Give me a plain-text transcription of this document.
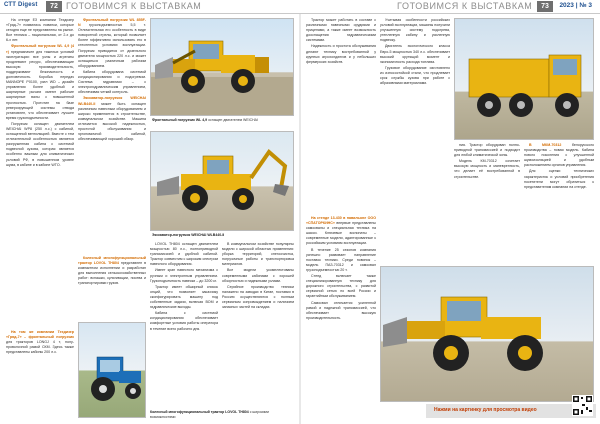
СТТ Digest	72 ГОТОВИМСЯ К ВЫСТАВКАМ	ГОТОВИМСЯ К ВЫСТАВКАМ	73	2023 | № 3

На стенде ЕЗ компании Техдизер «Гряд-7» появились новинки, которые сегодня еще не представлены на рынке. Все техника – национальная, от 2-х до 6-х лет.

Фронтальный погрузчик WL 4,9 (4 т) предназначен для тяжелых условий эксплуатации: все узлы и агрегаты продлевают ресурс, обеспечивающие высокую производительность, поддерживают безопасность и долговечность. Коробка передач MANNOPE P0100, узел WD – дизайн управления более удобный и шарнирные рычаги имеют рабочие шарнирные валы с повышенной прочностью. Прототип на базе реверсирующей системы отвода установлен, что обеспечивает лучшее время грузоподъемности.

Погрузчик оснащен двигателем WEICHAI WP8 (250 л.с.) с кабиной, оснащенной вентиляцией. Вместе с тем отличительной особенностью является разгруженная кабина с системой подвесной кузова, которая является особенно важным для климатических условий РФ, в повышенном уровне шума, в кабине и в кабине WTO.

На том же компании Техдизер «Гряд-7» – фронтальный погрузчик для тракторов LONGJ 4 т, полу-проволочной рамой СКМ. Здесь также представлены кабины 200 л.с.

Фронтальный погрузчик WL 855F-N грузоподъемностью 5,5 т. Отличительная его особенность в виде поворотной стрелы, который позволяет более эффективно использовать его в стесненных условиях эксплуатации. Погрузчик приводится от дизельного двигателя мощностью 220 л.с. и может оснащаться различным рабочим оборудованием.

Кабина оборудована системой кондиционирования и подогревом. Система гидравлики – с электрогидравлическим управлением, обеспечивая четкий контроль.

Экскаватор-погрузчик WEICHAI WLB440-II может быть оснащен различным навесным оборудованием и широко применяется в строительстве, коммунальном хозяйстве. Машина отличается высокой надежностью, простотой обслуживания и эргономичной кабиной, обеспечивающей хороший обзор.

Колесный многофункциональный трактор LOVOL TH804 представлен в компактном исполнении и разработан для выполнения сельскохозяйственных работ: вспашки, культивации, посева и транспортировки грузов.

Фронтальный погрузчик WL 4,9 оснащен двигателем WEICHAI
Экскаватор-погрузчик WEICHAI WLB440-II

LOVOL TH804 оснащен двигателем мощностью 80 л.с., полноприводной трансмиссией и удобной кабиной. Трактор совместим с широким спектром навесного оборудования.

Имеет кран навесного механизма с ручным и электронным управлением. Грузоподъемность навески – до 3200 кг.

Трактор имеет обширный список опций, что позволяет заказчику сконфигурировать машину под собственные задачи, включая ВОМ и гидравлические выходы.

Кабина с системой кондиционирования обеспечивает комфортные условия работы оператора в течение всего рабочего дня.

В коммунальном хозяйстве популярны модели с широкой областью применения: уборка территорий, снегоочистка, погрузочные работы и транспортировка материалов.

Все модели укомплектованы современными кабинами с хорошей обзорностью и надежными узлами.

Серийное производство техники налажено на заводах в Китае, поставки в Россию осуществляются с полным сервисным сопровождением и наличием запасных частей на складах.

Трактор может работать в составе с различными навесными орудиями и прицепами, а также имеет возможность дооснащения гидравлическими системами.

Надежность и простота обслуживания делают технику востребованной у крупных агрохолдингов и у небольших фермерских хозяйств.

На стенде 13-430 в павильоне ООО «СПАТОРКИНС» впервые представлены самосвалы и специальная техника на шасси. Ключевые экспонаты – современные модели, адаптированные к российским условиям эксплуатации.

В течение 25 сезонов компания успешно развивает направление поставок техники. Среди новинок – модель ПАЗ-70312 и самосвал грузоподъемностью 20 т.

Стенд включает также специализированную технику для дорожного строительства, с развитой сервисной сетью по всей России и гарантийным обслуживанием.

Самосвал отличается усиленной рамой и надежной трансмиссией, что обеспечивает высокую производительность.

Учитывая особенности российских условий эксплуатации, машины получили улучшенную систему подогрева, утепленную кабину и усиленную подвеску.

Двигатель экологического класса Евро-5 мощностью 340 л.с. обеспечивает высокий крутящий момент и экономичность расхода топлива.

Грузовое оборудование изготовлено из износостойкой стали, что продлевает срок службы кузова при работе с абразивными материалами.

ния. Трактор оборудован полно-приводной трансмиссией и подходит для любой климатической зоны.

Модель КМ-70312 сочетает высокую мощность и маневренность, что делает её востребованной в строительстве.

В МКМ-70312	белорусского производства – новая модель. Кабина нового поколения с улучшенной шумоизоляцией и удобным расположением органов управления.

Для оценки технических характеристик и условий приобретения посетители могут обратиться к представителям компании на стенде.

Колесный многофункциональный трактор LOVOL TH804 с широкими возможностями
Нажми на картинку для просмотра видео
